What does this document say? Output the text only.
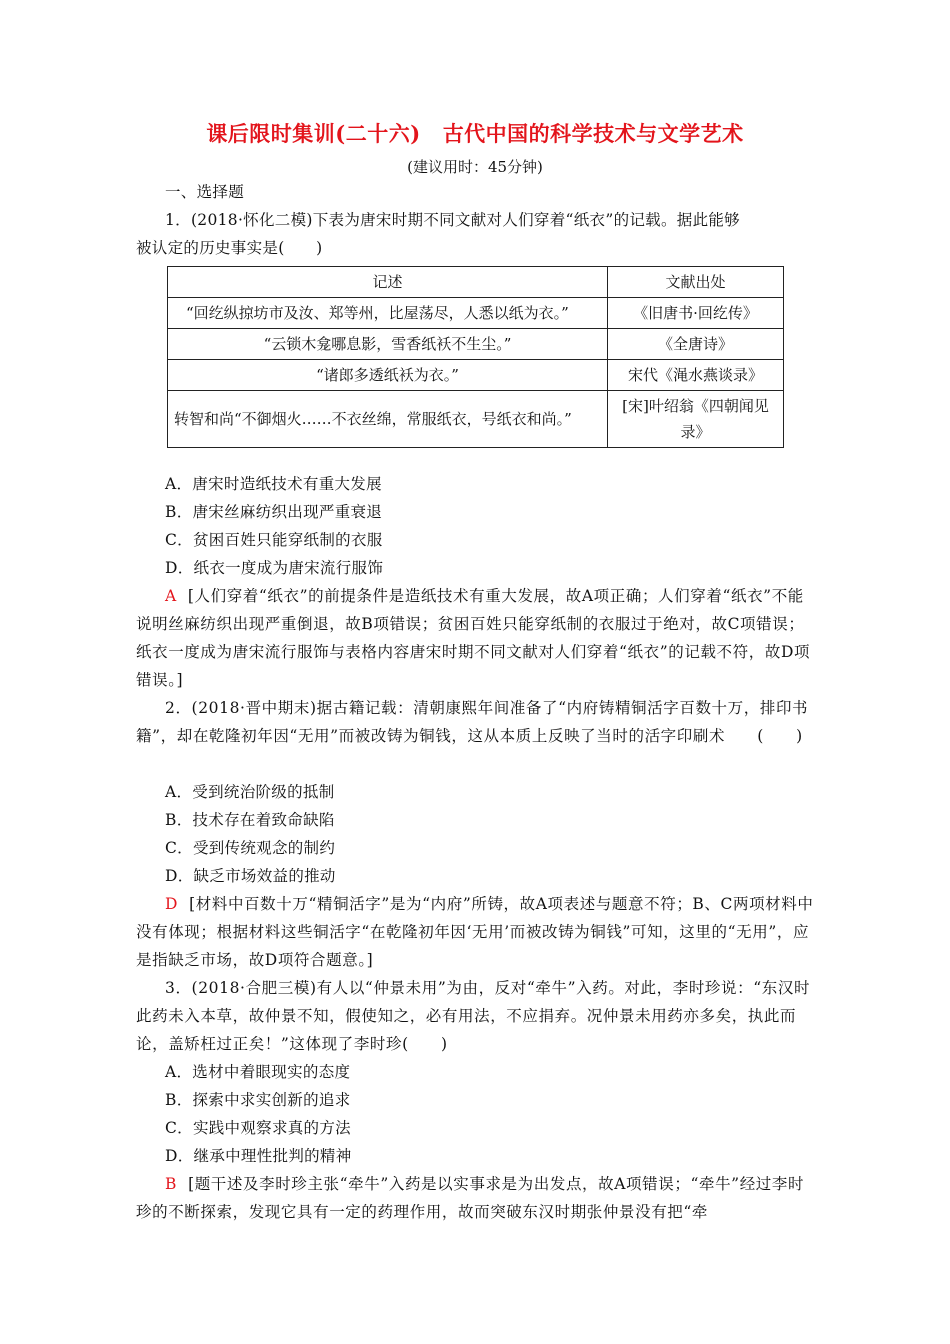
课后限时集训(二十六) 古代中国的科学技术与文学艺术
(建议用时：45分钟)
一、选择题
1．(2018·怀化二模)下表为唐宋时期不同文献对人们穿着“纸衣”的记载。据此能够
被认定的历史事实是(　　)
记述	文献出处
“回纥纵掠坊市及汝、郑等州，比屋荡尽，人悉以纸为衣。”	《旧唐书·回纥传》
“云锁木龛哪息影，雪香纸袄不生尘。”	《全唐诗》
“诸郎多透纸袄为衣。”	宋代《渑水燕谈录》
转智和尚“不御烟火……不衣丝绵，常服纸衣，号纸衣和尚。”	[宋]叶绍翁《四朝闻见录》
A．唐宋时造纸技术有重大发展
B．唐宋丝麻纺织出现严重衰退
C．贫困百姓只能穿纸制的衣服
D．纸衣一度成为唐宋流行服饰
A [人们穿着“纸衣”的前提条件是造纸技术有重大发展，故A项正确；人们穿着“纸衣”不能说明丝麻纺织出现严重倒退，故B项错误；贫困百姓只能穿纸制的衣服过于绝对，故C项错误；纸衣一度成为唐宋流行服饰与表格内容唐宋时期不同文献对人们穿着“纸衣”的记载不符，故D项错误。]
2．(2018·晋中期末)据古籍记载：清朝康熙年间准备了“内府铸精铜活字百数十万，排印书籍”，却在乾隆初年因“无用”而被改铸为铜钱，这从本质上反映了当时的活字印刷术　　(　　)
A．受到统治阶级的抵制
B．技术存在着致命缺陷
C．受到传统观念的制约
D．缺乏市场效益的推动
D [材料中百数十万“精铜活字”是为“内府”所铸，故A项表述与题意不符；B、C两项材料中没有体现；根据材料这些铜活字“在乾隆初年因‘无用’而被改铸为铜钱”可知，这里的“无用”，应是指缺乏市场，故D项符合题意。]
3．(2018·合肥三模)有人以“仲景未用”为由，反对“牵牛”入药。对此，李时珍说：“东汉时此药未入本草，故仲景不知，假使知之，必有用法，不应捐弃。况仲景未用药亦多矣，执此而论，盖矫枉过正矣！”这体现了李时珍(　　)
A．选材中着眼现实的态度
B．探索中求实创新的追求
C．实践中观察求真的方法
D．继承中理性批判的精神
B [题干述及李时珍主张“牵牛”入药是以实事求是为出发点，故A项错误；“牵牛”经过李时珍的不断探索，发现它具有一定的药理作用，故而突破东汉时期张仲景没有把“牵
